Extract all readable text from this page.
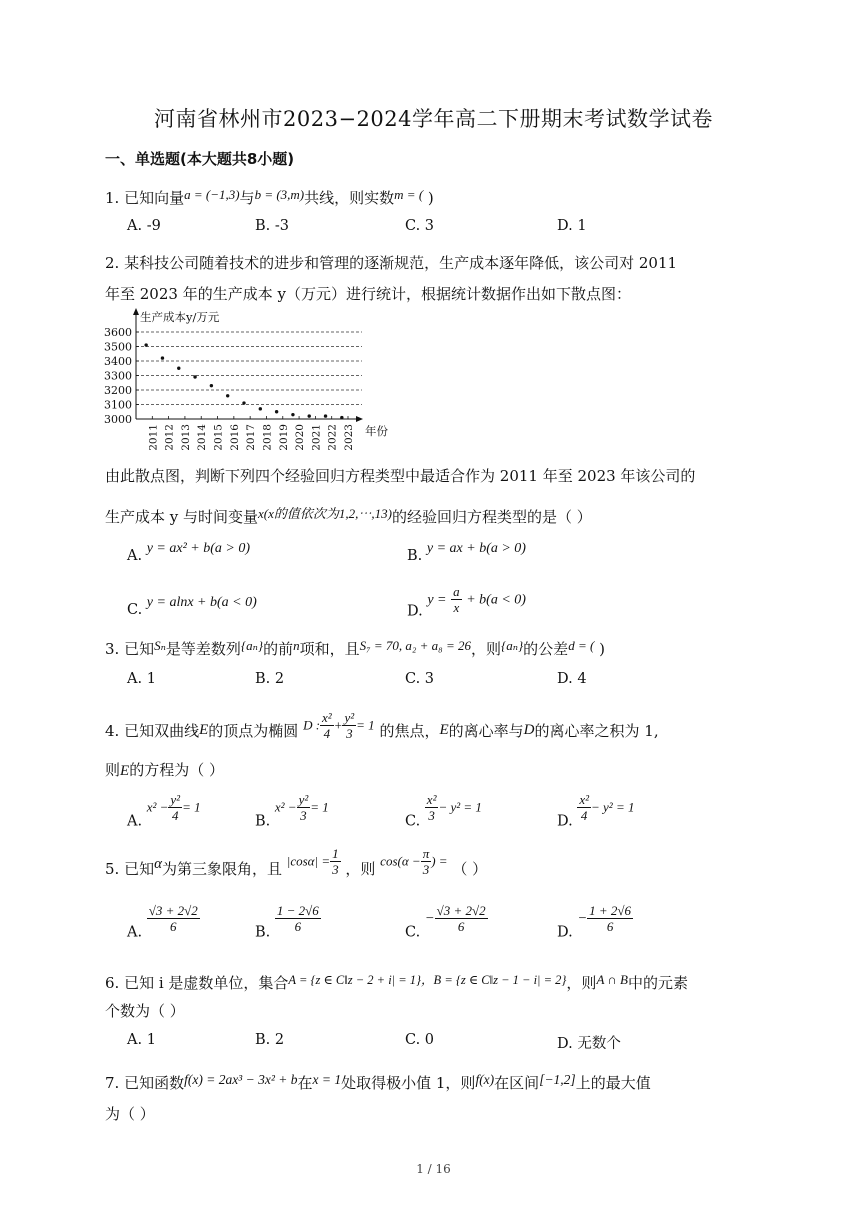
河南省林州市2023−2024学年高二下册期末考试数学试卷
一、单选题(本大题共8小题)
1. 已知向量a = (−1,3)与b = (3,m)共线，则实数m = ( )
A. -9	B. -3	C. 3	D. 1
2. 某科技公司随着技术的进步和管理的逐渐规范，生产成本逐年降低，该公司对 2011
年至 2023 年的生产成本 y（万元）进行统计，根据统计数据作出如下散点图：
3000
3100
3200
3300
3400
3500
3600
生产成本y/万元
年份
2011 2012 2013 2014 2015 2016 2017 2018 2019 2020 2021 2022 2023
由此散点图，判断下列四个经验回归方程类型中最适合作为 2011 年至 2023 年该公司的
生产成本 y 与时间变量x(x的值依次为1,2,⋯,13)的经验回归方程类型的是（ ）
A. y = ax² + b(a > 0)	B. y = ax + b(a > 0)
C. y = alnx + b(a < 0)
D. $y = \frac{a}{x} + b(a < 0)$
3. 已知Sₙ是等差数列{aₙ}的前n项和，且S₇ = 70, a₂ + a₈ = 26，则{aₙ}的公差d = ( )
A. 1	B. 2	C. 3	D. 4
4. 已知双曲线E的顶点为椭圆 D : $\frac{\text{x²}}{4} + \frac{\text{y²}}{3} = 1$ 的焦点，E的离心率与D的离心率之积为 1,
则E的方程为（ ）
A. $x^2 - \frac{\text{y²}}{4} = 1$
B. $x^2 - \frac{\text{y²}}{3} = 1$
C. $\frac{\text{x²}}{3} - y^2 = 1$
D. $\frac{\text{x²}}{4} - y^2 = 1$
5. 已知α为第三象限角，且 $|\cos\alpha| = \frac{1}{3}$ ，则 $\cos(\alpha - \frac{\pi}{3}$ ) = （ ）
A. $\frac{√3 + 2√2}{6}$	B. $\frac{1 - 2√6}{6}$	C. − $\frac{√3 + 2√2}{6}$	D. − $\frac{1 + 2√6}{6}$
6. 已知 i 是虚数单位，集合$^{A = \{z \in C‖z - 2 + i| = 1\},B = \{z \in C‖z - 1 - i| = 2\}}$，则A ∩ B中的元素
个数为（ ）
A. 1	B. 2	C. 0	D. 无数个
7. 已知函数f(x) = 2ax³ − 3x² + b在x = 1处取得极小值 1，则f(x)在区间[−1,2]上的最大值
为（ ）
1 / 16
